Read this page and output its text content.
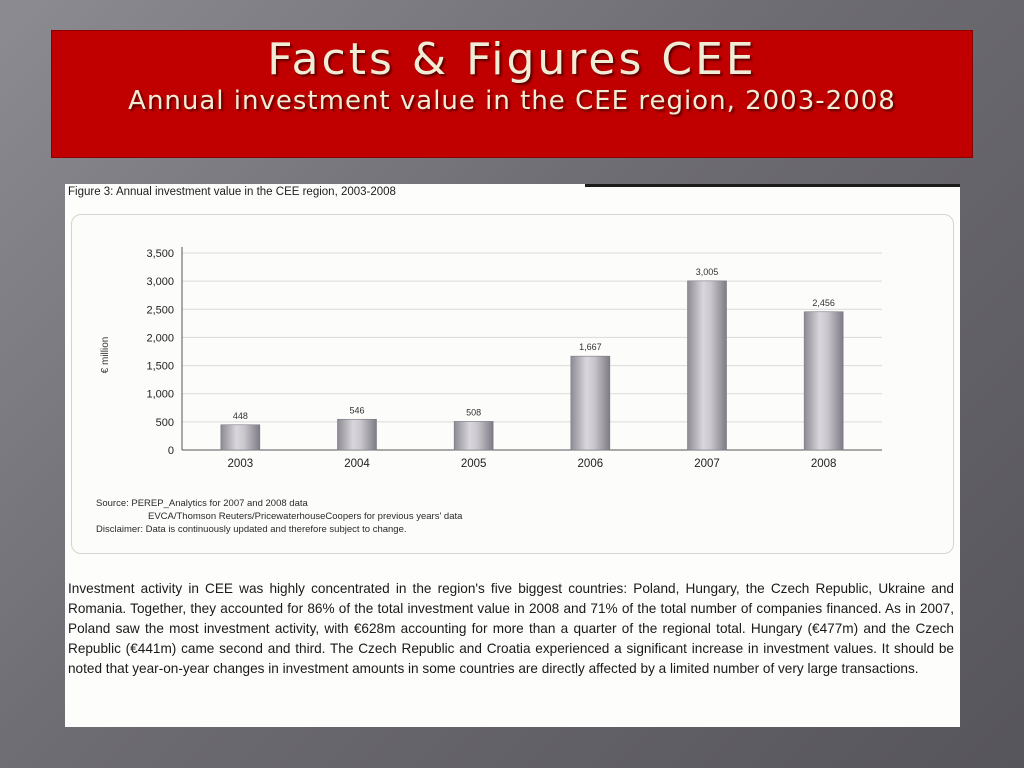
Facts & Figures CEE
Annual investment value in the CEE region, 2003-2008
Figure 3: Annual investment value in the CEE region, 2003-2008
0
500
1,000
1,500
2,000
2,500
3,000
3,500
448
2003
546
2004
508
2005
1,667
2006
3,005
2007
2,456
2008
€ million
Source: PEREP_Analytics for 2007 and 2008 data
EVCA/Thomson Reuters/PricewaterhouseCoopers for previous years' data
Disclaimer: Data is continuously updated and therefore subject to change.
Investment activity in CEE was highly concentrated in the region's five biggest countries: Poland, Hungary, the Czech Republic, Ukraine and Romania. Together, they accounted for 86% of the total investment value in 2008 and 71% of the total number of companies financed. As in 2007, Poland saw the most investment activity, with €628m accounting for more than a quarter of the regional total. Hungary (€477m) and the Czech Republic (€441m) came second and third. The Czech Republic and Croatia experienced a significant increase in investment values. It should be noted that year-on-year changes in investment amounts in some countries are directly affected by a limited number of very large transactions.
